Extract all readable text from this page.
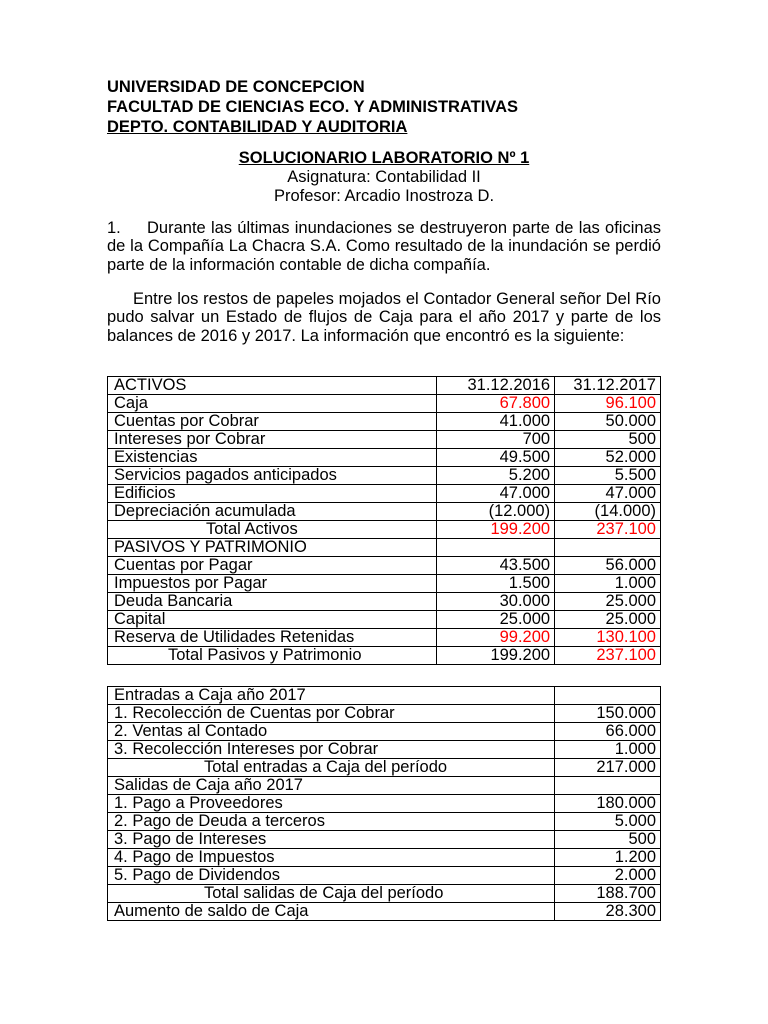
UNIVERSIDAD DE CONCEPCION
FACULTAD DE CIENCIAS ECO. Y ADMINISTRATIVAS
DEPTO. CONTABILIDAD Y AUDITORIA
SOLUCIONARIO LABORATORIO Nº 1
Asignatura: Contabilidad II
Profesor: Arcadio Inostroza D.
1. Durante las últimas inundaciones se destruyeron parte de las oficinas de la Compañía La Chacra S.A. Como resultado de la inundación se perdió parte de la información contable de dicha compañía.
Entre los restos de papeles mojados el Contador General señor Del Río pudo salvar un Estado de flujos de Caja para el año 2017 y parte de los balances de 2016 y 2017. La información que encontró es la siguiente:
ACTIVOS	31.12.2016	31.12.2017
Caja	67.800	96.100
Cuentas por Cobrar	41.000	50.000
Intereses por Cobrar	700	500
Existencias	49.500	52.000
Servicios pagados anticipados	5.200	5.500
Edificios	47.000	47.000
Depreciación acumulada	(12.000)	(14.000)
Total Activos	199.200	237.100
PASIVOS Y PATRIMONIO		
Cuentas por Pagar	43.500	56.000
Impuestos por Pagar	1.500	1.000
Deuda Bancaria	30.000	25.000
Capital	25.000	25.000
Reserva de Utilidades Retenidas	99.200	130.100
Total Pasivos y Patrimonio	199.200	237.100
Entradas a Caja año 2017	
1. Recolección de Cuentas por Cobrar	150.000
2. Ventas al Contado	66.000
3. Recolección Intereses por Cobrar	1.000
Total entradas a Caja del período	217.000
Salidas de Caja año 2017	
1. Pago a Proveedores	180.000
2. Pago de Deuda a terceros	5.000
3. Pago de Intereses	500
4. Pago de Impuestos	1.200
5. Pago de Dividendos	2.000
Total salidas de Caja del período	188.700
Aumento de saldo de Caja	28.300
